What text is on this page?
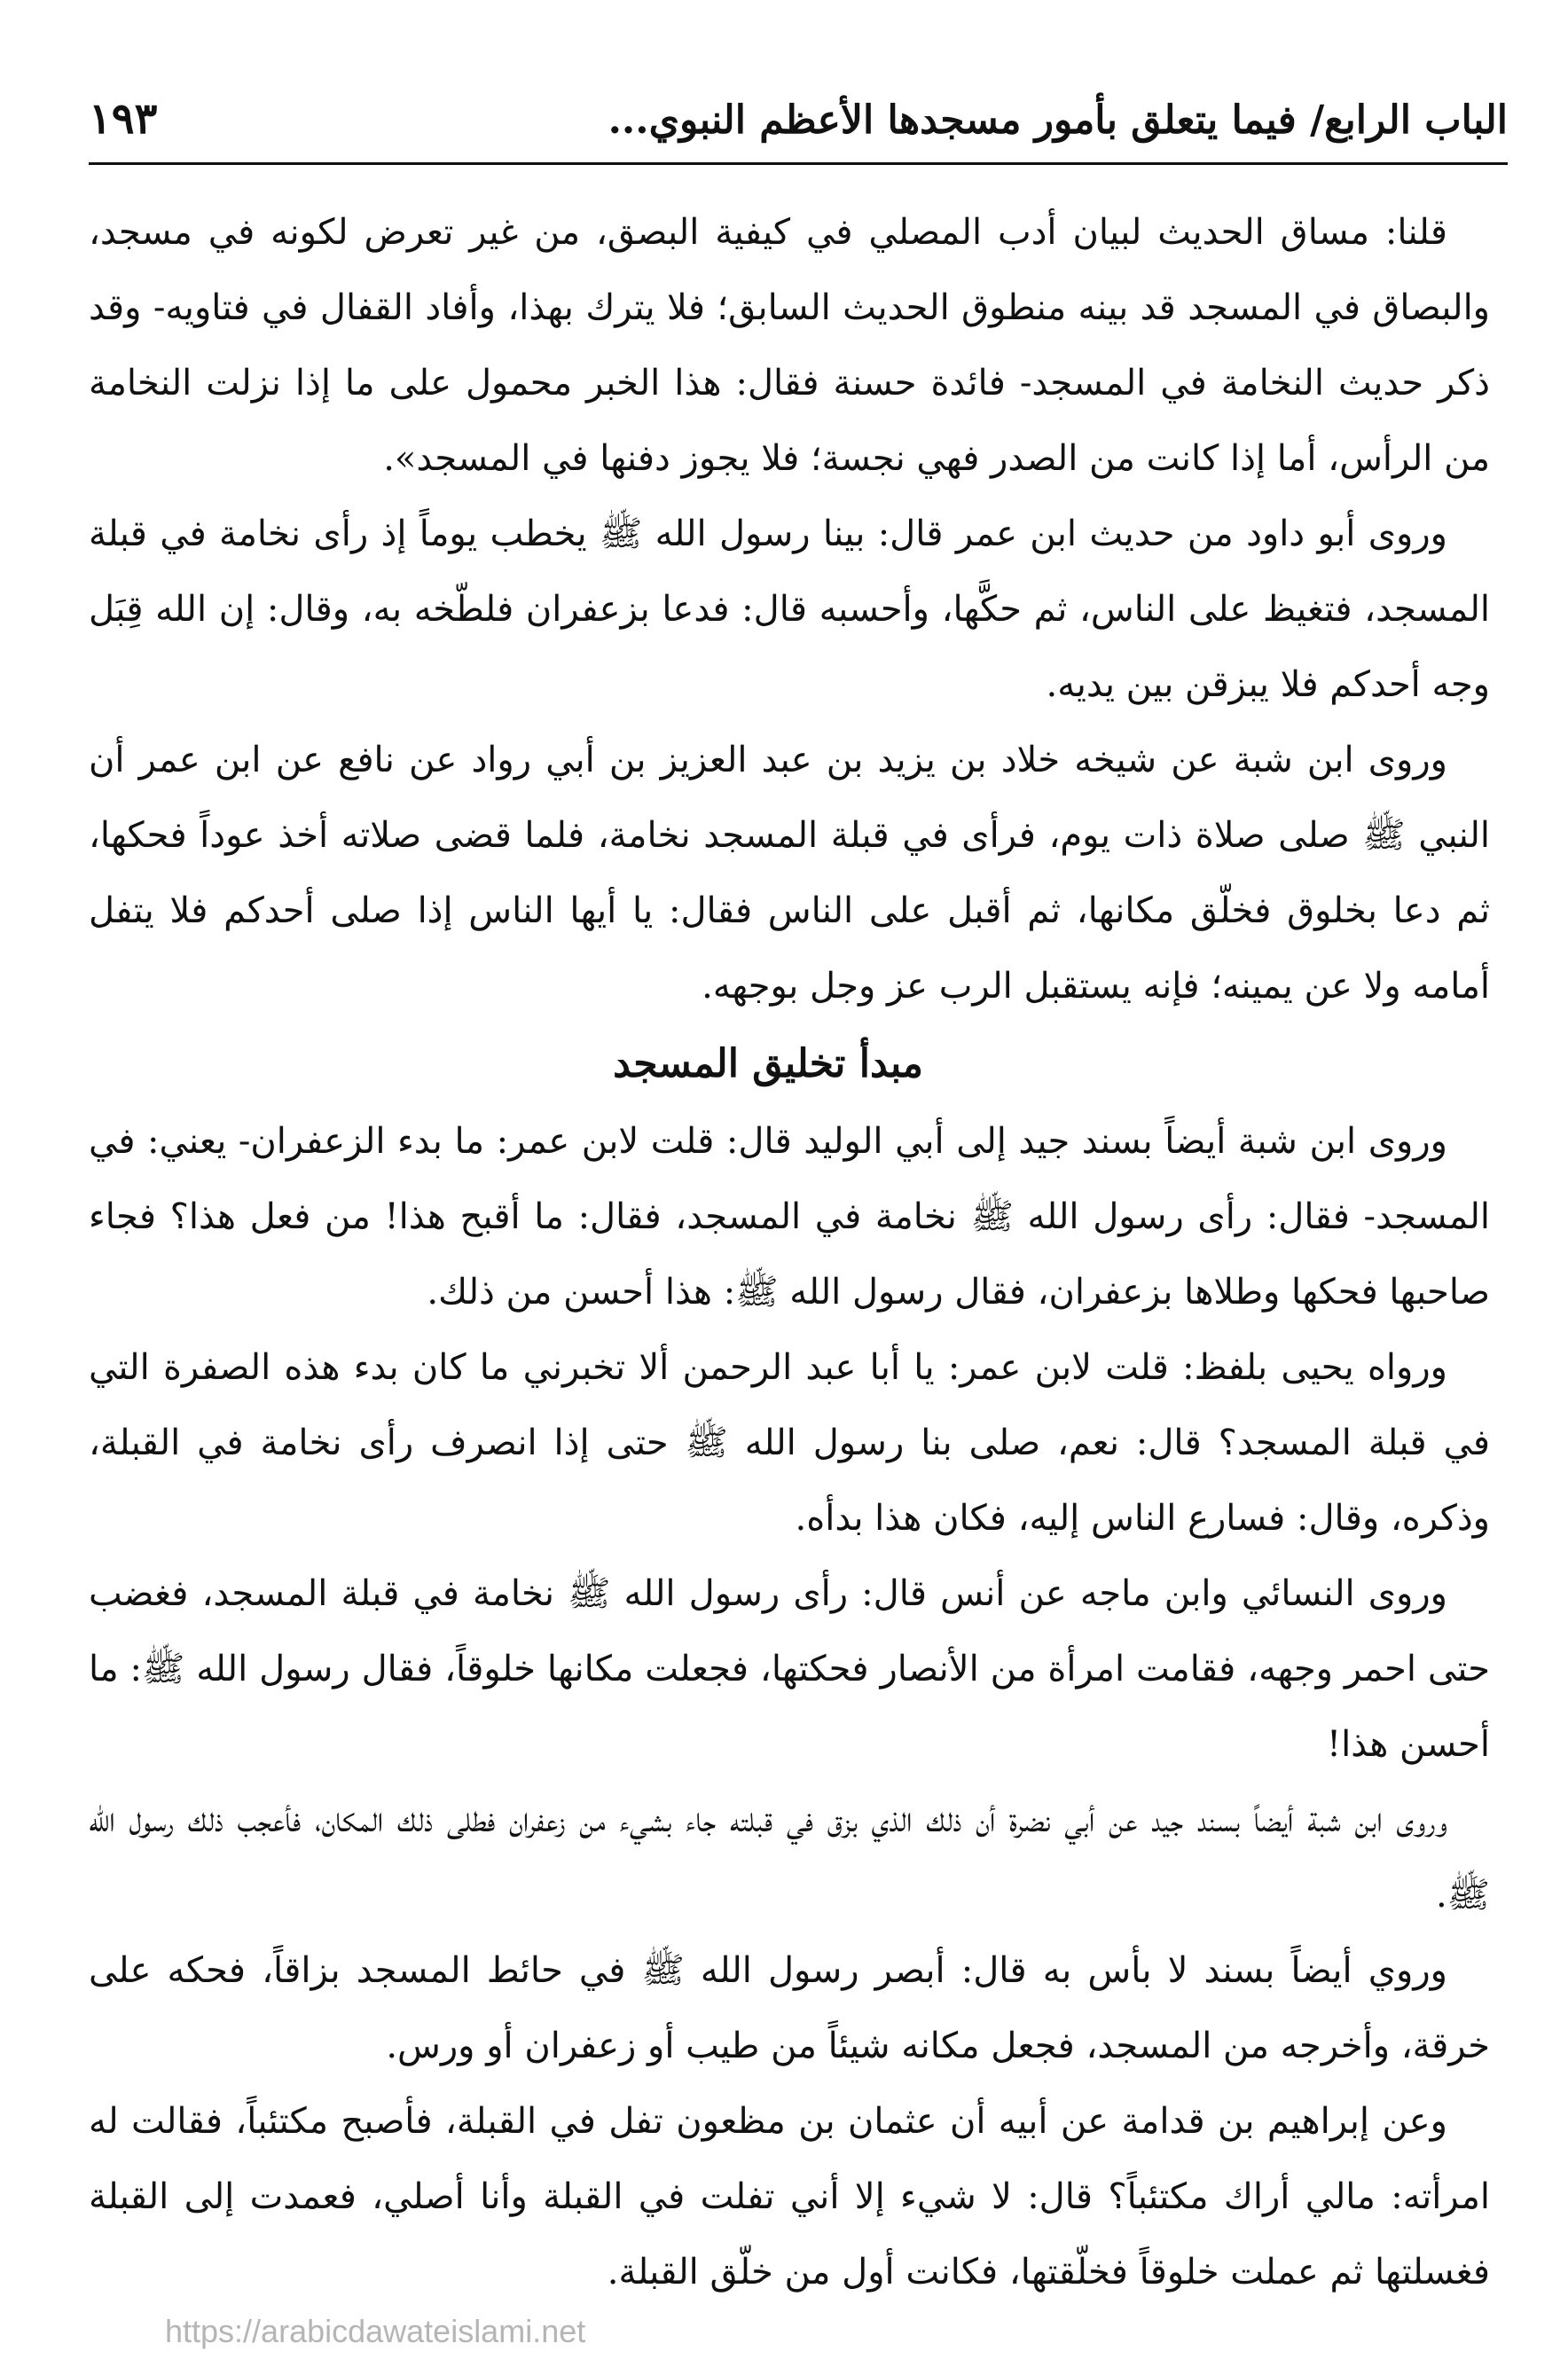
الباب الرابع/ فيما يتعلق بأمور مسجدها الأعظم النبوي...
١٩٣

قلنا: مساق الحديث لبيان أدب المصلي في كيفية البصق، من غير تعرض لكونه في مسجد، والبصاق في المسجد قد بينه منطوق الحديث السابق؛ فلا يترك بهذا، وأفاد القفال في فتاويه- وقد ذكر حديث النخامة في المسجد- فائدة حسنة فقال: هذا الخبر محمول على ما إذا نزلت النخامة من الرأس، أما إذا كانت من الصدر فهي نجسة؛ فلا يجوز دفنها في المسجد».

وروى أبو داود من حديث ابن عمر قال: بينا رسول الله ﷺ يخطب يوماً إذ رأى نخامة في قبلة المسجد، فتغيظ على الناس، ثم حكَّها، وأحسبه قال: فدعا بزعفران فلطّخه به، وقال: إن الله قِبَل وجه أحدكم فلا يبزقن بين يديه.

وروى ابن شبة عن شيخه خلاد بن يزيد بن عبد العزيز بن أبي رواد عن نافع عن ابن عمر أن النبي ﷺ صلى صلاة ذات يوم، فرأى في قبلة المسجد نخامة، فلما قضى صلاته أخذ عوداً فحكها، ثم دعا بخلوق فخلّق مكانها، ثم أقبل على الناس فقال: يا أيها الناس إذا صلى أحدكم فلا يتفل أمامه ولا عن يمينه؛ فإنه يستقبل الرب عز وجل بوجهه.

مبدأ تخليق المسجد

وروى ابن شبة أيضاً بسند جيد إلى أبي الوليد قال: قلت لابن عمر: ما بدء الزعفران- يعني: في المسجد- فقال: رأى رسول الله ﷺ نخامة في المسجد، فقال: ما أقبح هذا! من فعل هذا؟ فجاء صاحبها فحكها وطلاها بزعفران، فقال رسول الله ﷺ: هذا أحسن من ذلك.

ورواه يحيى بلفظ: قلت لابن عمر: يا أبا عبد الرحمن ألا تخبرني ما كان بدء هذه الصفرة التي في قبلة المسجد؟ قال: نعم، صلى بنا رسول الله ﷺ حتى إذا انصرف رأى نخامة في القبلة، وذكره، وقال: فسارع الناس إليه، فكان هذا بدأه.

وروى النسائي وابن ماجه عن أنس قال: رأى رسول الله ﷺ نخامة في قبلة المسجد، فغضب حتى احمر وجهه، فقامت امرأة من الأنصار فحكتها، فجعلت مكانها خلوقاً، فقال رسول الله ﷺ: ما أحسن هذا!

وروى ابن شبة أيضاً بسند جيد عن أبي نضرة أن ذلك الذي بزق في قبلته جاء بشيء من زعفران فطلى ذلك المكان، فأعجب ذلك رسول الله ﷺ.

وروي أيضاً بسند لا بأس به قال: أبصر رسول الله ﷺ في حائط المسجد بزاقاً، فحكه على خرقة، وأخرجه من المسجد، فجعل مكانه شيئاً من طيب أو زعفران أو ورس.

وعن إبراهيم بن قدامة عن أبيه أن عثمان بن مظعون تفل في القبلة، فأصبح مكتئباً، فقالت له امرأته: مالي أراك مكتئباً؟ قال: لا شيء إلا أني تفلت في القبلة وأنا أصلي، فعمدت إلى القبلة فغسلتها ثم عملت خلوقاً فخلّقتها، فكانت أول من خلّق القبلة.

https://arabicdawateislami.net
